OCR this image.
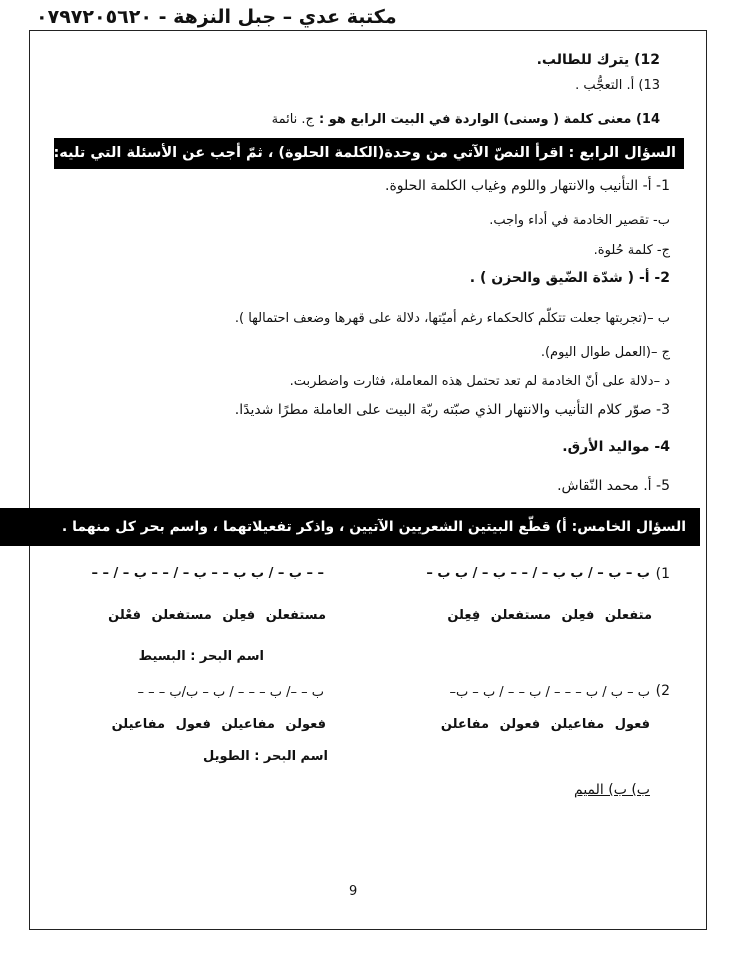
مكتبة عدي – جبل النزهة - ٠٧٩٧٢٠٥٦٢٠
12) يترك للطالب.
13) أ. التعجُّب .
14) معنى كلمة ( وسنى) الواردة في البيت الرابع هو : ج. نائمة
السؤال الرابع : اقرأ النصّ الآتي من وحدة(الكلمة الحلوة) ، ثمّ أجب عن الأسئلة التي تليه:
1- أ- التأنيب والانتهار واللوم وغياب الكلمة الحلوة.
ب- تقصير الخادمة في أداء واجب.
ج- كلمة حُلوة.
2- أ- ( شدّة الضّيق والحزن ) .
ب –(تجربتها جعلت تتكلّم كالحكماء رغم أميّتها، دلالة على قهرها وضعف احتمالها ).
ج –(العمل طوال اليوم).
د –دلالة على أنّ الخادمة لم تعد تحتمل هذه المعاملة، فثارت واضطربت.
3- صوّر كلام التأنيب والانتهار الذي صبّته ربّة البيت على العاملة مطرًا شديدًا.
4- مواليد الأرق.
5- أ. محمد النّقاش.
السؤال الخامس: أ) قطّع البيتين الشعريين الآتيين ، واذكر تفعيلاتهما ، واسم بحر كل منهما .
1)
ب – ب – / ب ب – / – – ب – / ب ب –
– – ب – / ب ب – – ب – / – – ب – / – –
متفعلن فعِلن مستفعلن فِعِلن
مستفعلن فعِلن مستفعلن فعْلن
اسم البحر : البسيط
2)
ب – ب / ب – – – / ب – – / ب – ب–
ب – –/ ب – – – / ب – ب/ب – – –
فعول مفاعيلن فعولن مفاعلن
فعولن مفاعيلن فعول مفاعيلن
اسم البحر : الطويل
ب) ب) الميم
9
